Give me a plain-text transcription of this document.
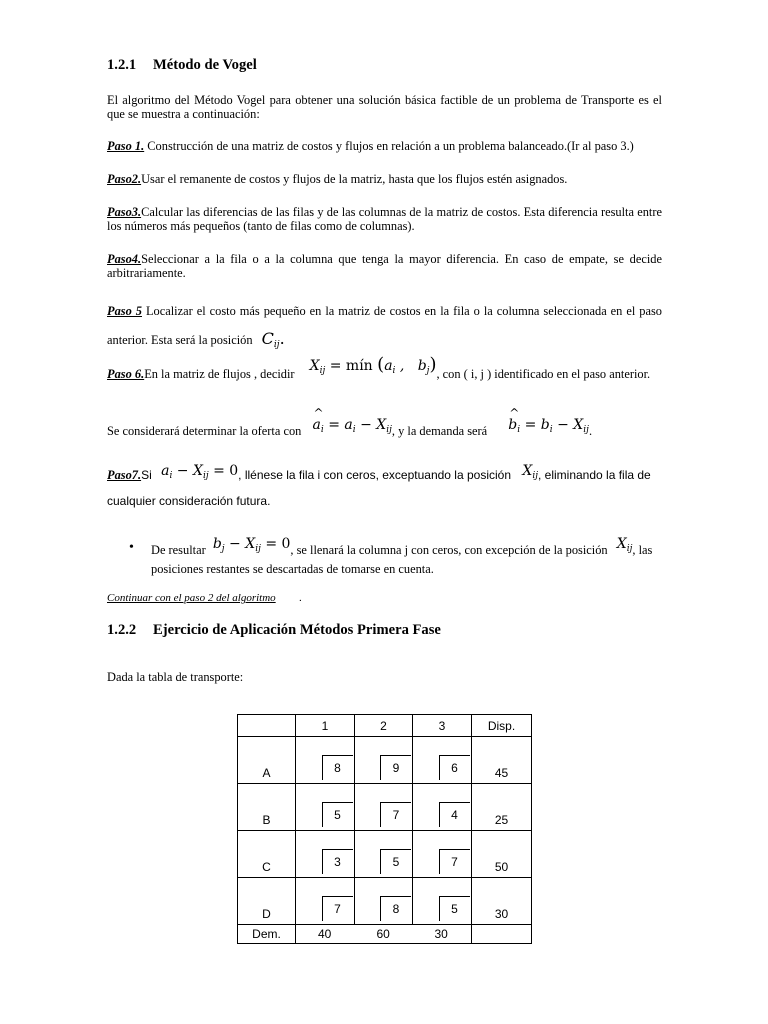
1.2.1 Método de Vogel
El algoritmo del Método Vogel para obtener una solución básica factible de un problema de Transporte es el que se muestra a continuación:
Paso 1. Construcción de una matriz de costos y flujos en relación a un problema balanceado.(Ir al paso 3.)
Paso2.Usar el remanente de costos y flujos de la matriz, hasta que los flujos estén asignados.
Paso3.Calcular las diferencias de las filas y de las columnas de la matriz de costos. Esta diferencia resulta entre los números más pequeños (tanto de filas como de columnas).
Paso4.Seleccionar a la fila o a la columna que tenga la mayor diferencia. En caso de empate, se decide arbitrariamente.
Paso 5 Localizar el costo más pequeño en la matriz de costos en la fila o la columna seleccionada en el paso anterior. Esta será la posición $C_{ij}$.
Paso 6.En la matriz de flujos , decidir $X_{ij}$ = mín ($a_i$ ,   $b_j$), con ( i, j ) identificado en el paso anterior.
Se considerará determinar la oferta con ^ $a_i = a_i - X_{ij}$, y la demanda será ^ $b_i = b_i - X_{ij}$.
Paso7.Si $a_i - X_{ij} = 0$, llénese la fila i con ceros, exceptuando la posición $X_{ij}$, eliminando la fila de cualquier consideración futura.
• De resultar $b_j - X_{ij} = 0$, se llenará la columna j con ceros, con excepción de la posición $X_{ij}$, las posiciones restantes se descartadas de tomarse en cuenta.
Continuar con el paso 2 del algoritmo .
1.2.2 Ejercicio de Aplicación Métodos Primera Fase
Dada la tabla de transporte:
	1	2	3	Disp.
A	8	9	6	45
B	5	7	4	25
C	3	5	7	50
D	7	8	5	30
Dem.	40	60	30	
